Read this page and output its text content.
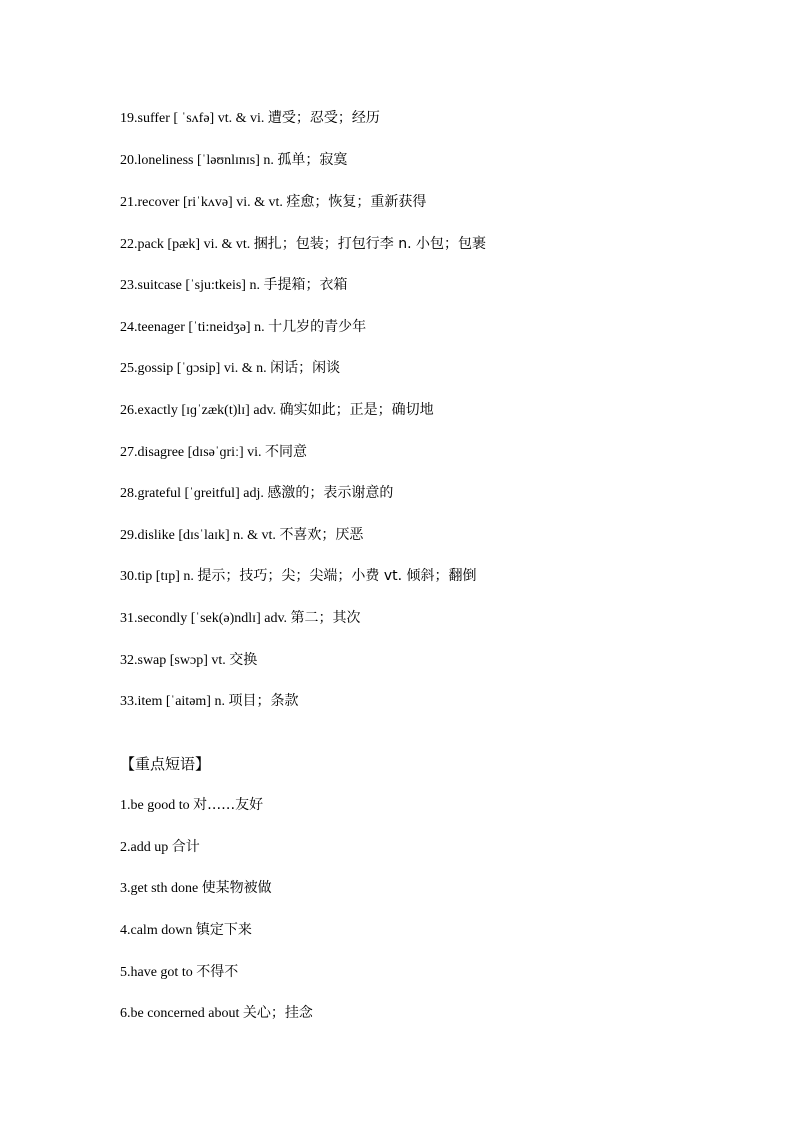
19.suffer [ ˈsʌfə] vt. & vi. 遭受；忍受；经历
20.loneliness [ˈləʊnlɪnɪs] n. 孤单；寂寞
21.recover [riˈkʌvə] vi. & vt. 痊愈；恢复；重新获得
22.pack [pæk] vi. & vt. 捆扎；包装；打包行李 n. 小包；包裹
23.suitcase [ˈsju:tkeis] n. 手提箱；衣箱
24.teenager [ˈti:neidʒə] n. 十几岁的青少年
25.gossip [ˈɡɔsip] vi. & n. 闲话；闲谈
26.exactly [ɪɡˈzæk(t)lɪ] adv. 确实如此；正是；确切地
27.disagree [dɪsəˈɡriː] vi. 不同意
28.grateful [ˈɡreitful] adj. 感激的；表示谢意的
29.dislike [dɪsˈlaɪk] n. & vt. 不喜欢；厌恶
30.tip [tɪp] n. 提示；技巧；尖；尖端；小费 vt. 倾斜；翻倒
31.secondly [ˈsek(ə)ndlɪ] adv. 第二；其次
32.swap [swɔp] vt. 交换
33.item [ˈaitəm] n. 项目；条款
【重点短语】
1.be good to 对……友好
2.add up 合计
3.get sth done 使某物被做
4.calm down 镇定下来
5.have got to 不得不
6.be concerned about 关心；挂念
